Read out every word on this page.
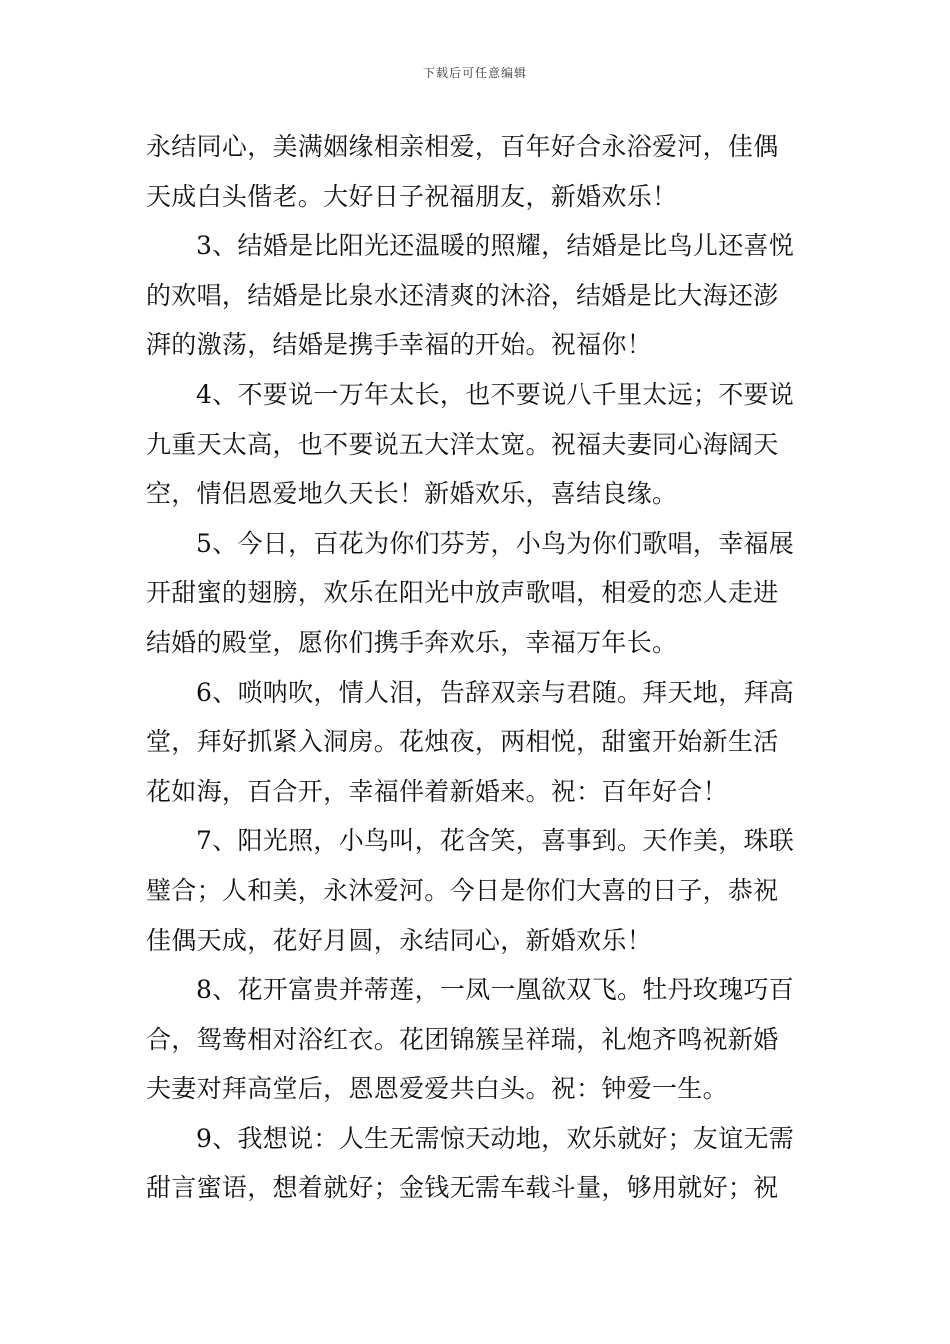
下载后可任意编辑
永结同心，美满姻缘相亲相爱，百年好合永浴爱河，佳偶
天成白头偕老。大好日子祝福朋友，新婚欢乐！
3、结婚是比阳光还温暖的照耀，结婚是比鸟儿还喜悦
的欢唱，结婚是比泉水还清爽的沐浴，结婚是比大海还澎
湃的激荡，结婚是携手幸福的开始。祝福你！
4、不要说一万年太长，也不要说八千里太远；不要说
九重天太高，也不要说五大洋太宽。祝福夫妻同心海阔天
空，情侣恩爱地久天长！新婚欢乐，喜结良缘。
5、今日，百花为你们芬芳，小鸟为你们歌唱，幸福展
开甜蜜的翅膀，欢乐在阳光中放声歌唱，相爱的恋人走进
结婚的殿堂，愿你们携手奔欢乐，幸福万年长。
6、唢呐吹，情人泪，告辞双亲与君随。拜天地，拜高
堂，拜好抓紧入洞房。花烛夜，两相悦，甜蜜开始新生活
花如海，百合开，幸福伴着新婚来。祝：百年好合！
7、阳光照，小鸟叫，花含笑，喜事到。天作美，珠联
璧合；人和美，永沐爱河。今日是你们大喜的日子，恭祝
佳偶天成，花好月圆，永结同心，新婚欢乐！
8、花开富贵并蒂莲，一凤一凰欲双飞。牡丹玫瑰巧百
合，鸳鸯相对浴红衣。花团锦簇呈祥瑞，礼炮齐鸣祝新婚
夫妻对拜高堂后，恩恩爱爱共白头。祝：钟爱一生。
9、我想说：人生无需惊天动地，欢乐就好；友谊无需
甜言蜜语，想着就好；金钱无需车载斗量，够用就好；祝
